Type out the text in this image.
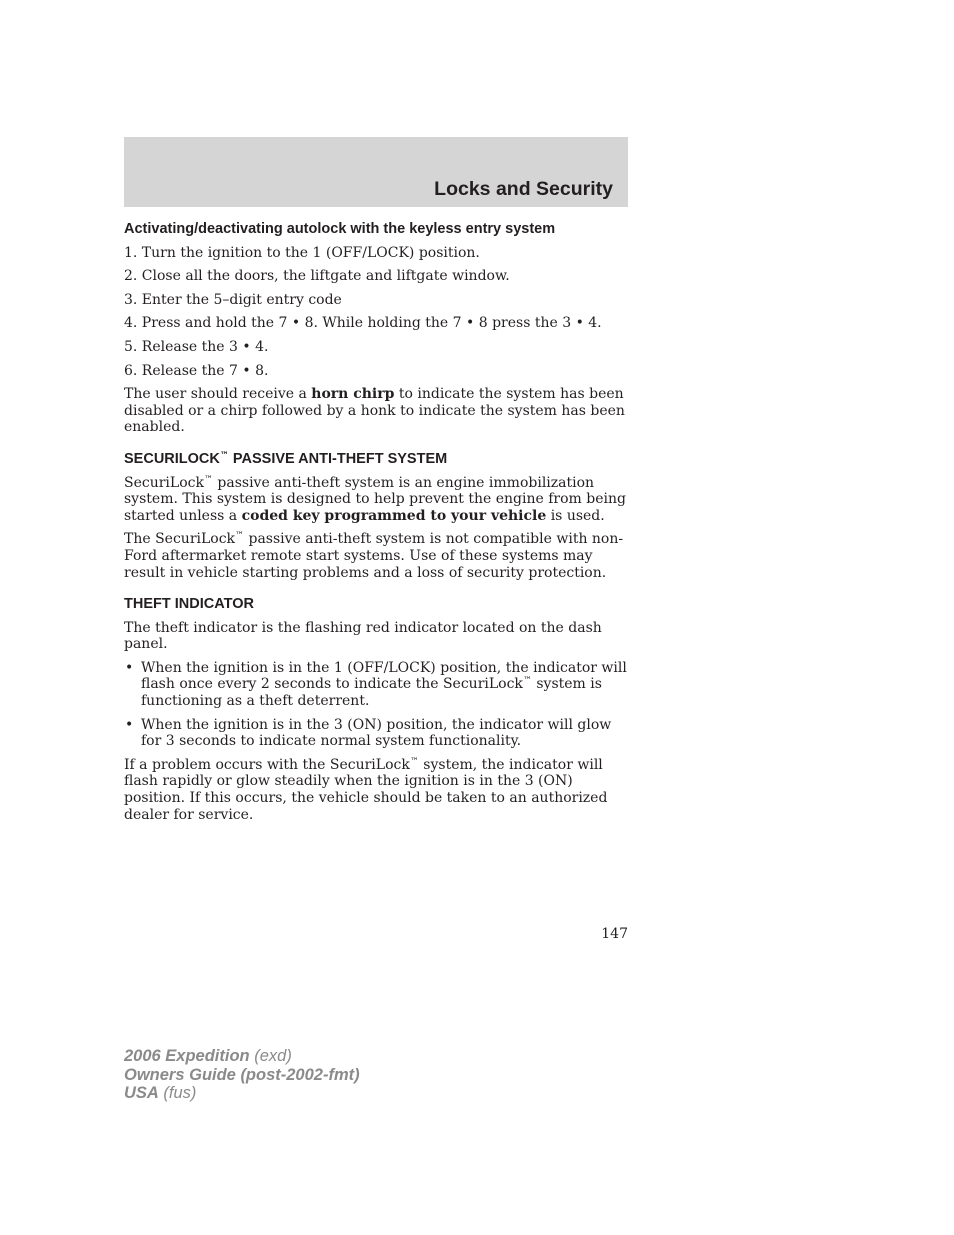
Locks and Security
Activating/deactivating autolock with the keyless entry system
1. Turn the ignition to the 1 (OFF/LOCK) position.
2. Close all the doors, the liftgate and liftgate window.
3. Enter the 5–digit entry code
4. Press and hold the 7 • 8. While holding the 7 • 8 press the 3 • 4.
5. Release the 3 • 4.
6. Release the 7 • 8.
The user should receive a horn chirp to indicate the system has been disabled or a chirp followed by a honk to indicate the system has been enabled.
SECURILOCK™ PASSIVE ANTI-THEFT SYSTEM
SecuriLock™ passive anti-theft system is an engine immobilization system. This system is designed to help prevent the engine from being started unless a coded key programmed to your vehicle is used.
The SecuriLock™ passive anti-theft system is not compatible with non-Ford aftermarket remote start systems. Use of these systems may result in vehicle starting problems and a loss of security protection.
THEFT INDICATOR
The theft indicator is the flashing red indicator located on the dash panel.
• When the ignition is in the 1 (OFF/LOCK) position, the indicator will flash once every 2 seconds to indicate the SecuriLock™ system is functioning as a theft deterrent.
• When the ignition is in the 3 (ON) position, the indicator will glow for 3 seconds to indicate normal system functionality.
If a problem occurs with the SecuriLock™ system, the indicator will flash rapidly or glow steadily when the ignition is in the 3 (ON) position. If this occurs, the vehicle should be taken to an authorized dealer for service.
147
2006 Expedition (exd)
Owners Guide (post-2002-fmt)
USA (fus)
